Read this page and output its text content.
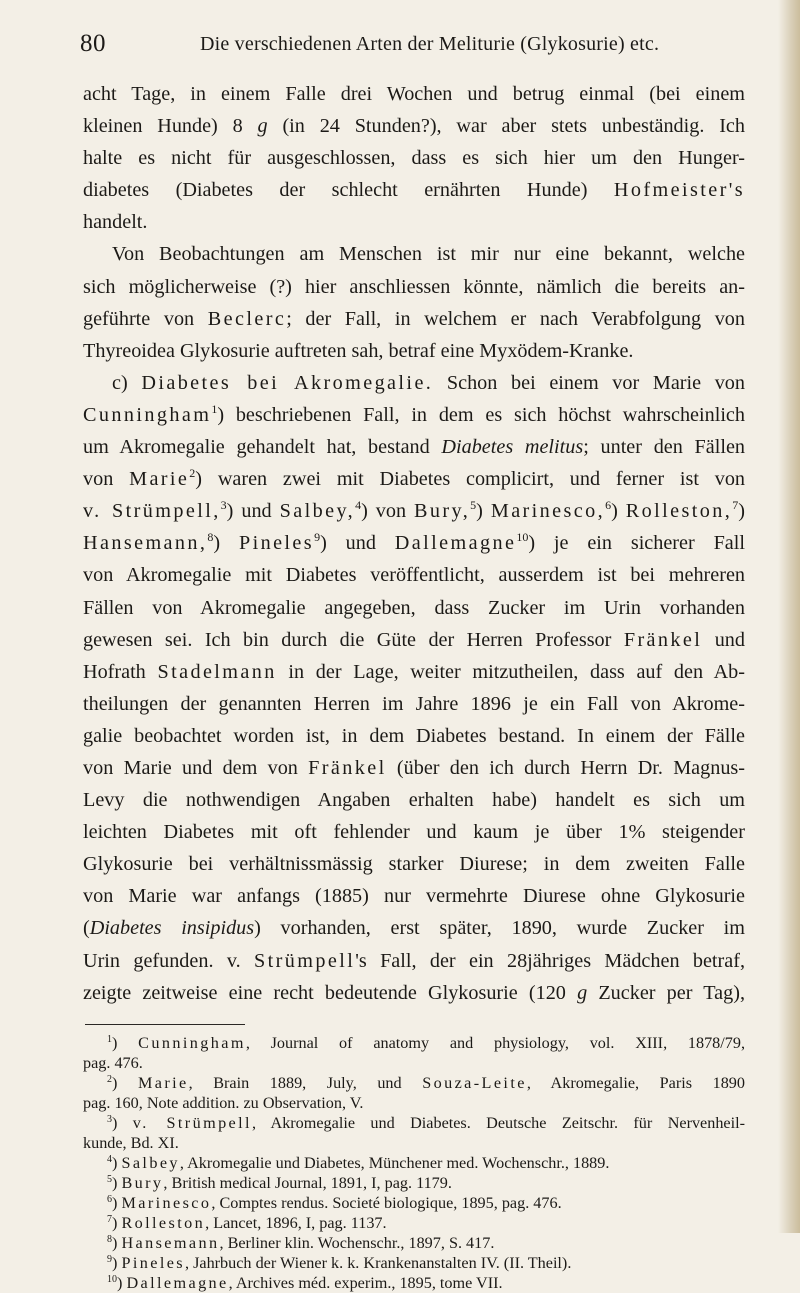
80	Die verschiedenen Arten der Meliturie (Glykosurie) etc.
acht Tage, in einem Falle drei Wochen und betrug einmal (bei einem
kleinen Hunde) 8 g (in 24 Stunden?), war aber stets unbeständig. Ich
halte es nicht für ausgeschlossen, dass es sich hier um den Hunger-
diabetes (Diabetes der schlecht ernährten Hunde) Hofmeister's
handelt.
Von Beobachtungen am Menschen ist mir nur eine bekannt, welche
sich möglicherweise (?) hier anschliessen könnte, nämlich die bereits an-
geführte von Beclerc; der Fall, in welchem er nach Verabfolgung von
Thyreoidea Glykosurie auftreten sah, betraf eine Myxödem-Kranke.
c) Diabetes bei Akromegalie. Schon bei einem vor Marie von
Cunningham$^1$) beschriebenen Fall, in dem es sich höchst wahrscheinlich
um Akromegalie gehandelt hat, bestand Diabetes melitus; unter den Fällen
von Marie$^2$) waren zwei mit Diabetes complicirt, und ferner ist von
v. Strümpell,$^3$) und Salbey,$^4$) von Bury,$^5$) Marinesco,$^6$) Rolleston,$^7$)
Hansemann,$^8$) Pineles$^9$) und Dallemagne$^{10}$) je ein sicherer Fall
von Akromegalie mit Diabetes veröffentlicht, ausserdem ist bei mehreren
Fällen von Akromegalie angegeben, dass Zucker im Urin vorhanden
gewesen sei. Ich bin durch die Güte der Herren Professor Fränkel und
Hofrath Stadelmann in der Lage, weiter mitzutheilen, dass auf den Ab-
theilungen der genannten Herren im Jahre 1896 je ein Fall von Akrome-
galie beobachtet worden ist, in dem Diabetes bestand. In einem der Fälle
von Marie und dem von Fränkel (über den ich durch Herrn Dr. Magnus-
Levy die nothwendigen Angaben erhalten habe) handelt es sich um
leichten Diabetes mit oft fehlender und kaum je über 1% steigender
Glykosurie bei verhältnissmässig starker Diurese; in dem zweiten Falle
von Marie war anfangs (1885) nur vermehrte Diurese ohne Glykosurie
(Diabetes insipidus) vorhanden, erst später, 1890, wurde Zucker im
Urin gefunden. v. Strümpell's Fall, der ein 28jähriges Mädchen betraf,
zeigte zeitweise eine recht bedeutende Glykosurie (120 g Zucker per Tag),
$^1$) Cunningham, Journal of anatomy and physiology, vol. XIII, 1878/79,
pag. 476.
$^2$) Marie, Brain 1889, July, und Souza-Leite, Akromegalie, Paris 1890
pag. 160, Note addition. zu Observation, V.
$^3$) v. Strümpell, Akromegalie und Diabetes. Deutsche Zeitschr. für Nervenheil-
kunde, Bd. XI.
$^4$) Salbey, Akromegalie und Diabetes, Münchener med. Wochenschr., 1889.
$^5$) Bury, British medical Journal, 1891, I, pag. 1179.
$^6$) Marinesco, Comptes rendus. Societé biologique, 1895, pag. 476.
$^7$) Rolleston, Lancet, 1896, I, pag. 1137.
$^8$) Hansemann, Berliner klin. Wochenschr., 1897, S. 417.
$^9$) Pineles, Jahrbuch der Wiener k. k. Krankenanstalten IV. (II. Theil).
$^{10}$) Dallemagne, Archives méd. experim., 1895, tome VII.
